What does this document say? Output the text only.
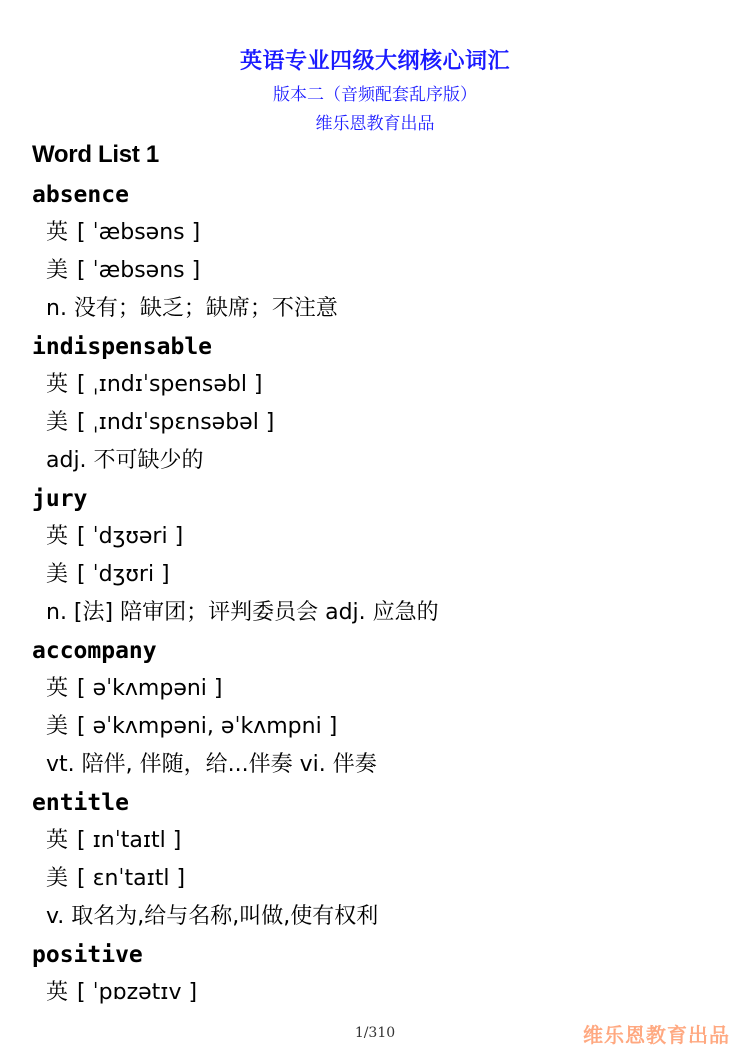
英语专业四级大纲核心词汇
版本二（音频配套乱序版）
维乐恩教育出品
Word List 1
absence
英 [ ˈæbsəns ]
美 [ ˈæbsəns ]
n. 没有；缺乏；缺席；不注意
indispensable
英 [ ˌɪndɪˈspensəbl ]
美 [ ˌɪndɪˈspɛnsəbəl ]
adj. 不可缺少的
jury
英 [ ˈdʒʊəri ]
美 [ ˈdʒʊri ]
n. [法] 陪审团；评判委员会 adj. 应急的
accompany
英 [ əˈkʌmpəni ]
美 [ əˈkʌmpəni, əˈkʌmpni ]
vt. 陪伴, 伴随，给...伴奏 vi. 伴奏
entitle
英 [ ɪnˈtaɪtl ]
美 [ ɛnˈtaɪtl ]
v. 取名为,给与名称,叫做,使有权利
positive
英 [ ˈpɒzətɪv ]
1/310	维乐恩教育出品
